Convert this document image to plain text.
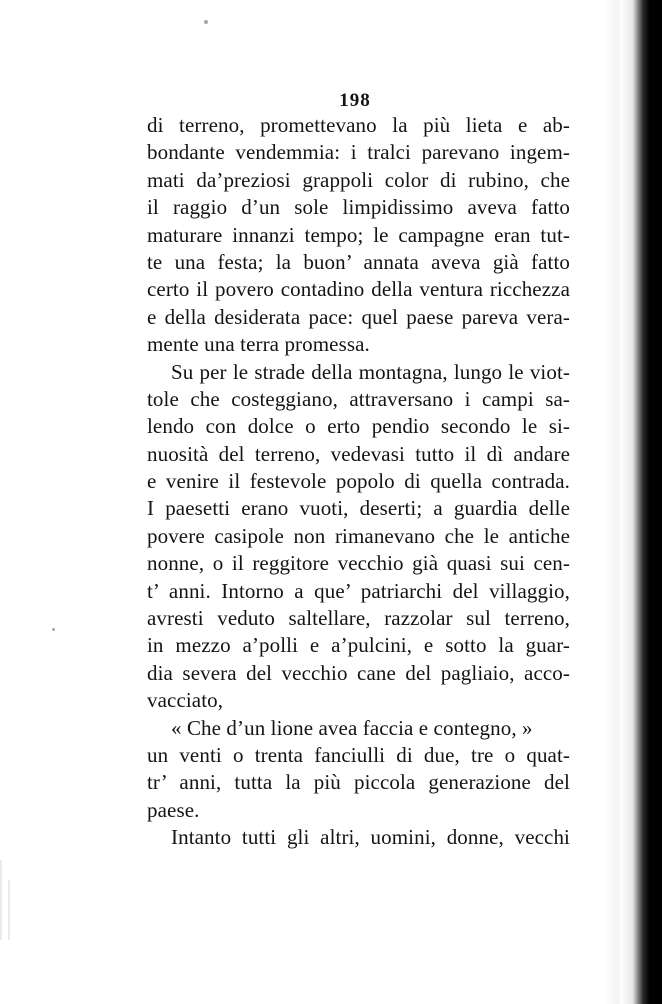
198
di terreno, promettevano la più lieta e ab-
bondante vendemmia: i tralci parevano ingem-
mati da’preziosi grappoli color di rubino, che
il raggio d’un sole limpidissimo aveva fatto
maturare innanzi tempo; le campagne eran tut-
te una festa; la buon’ annata aveva già fatto
certo il povero contadino della ventura ricchezza
e della desiderata pace: quel paese pareva vera-
mente una terra promessa.
Su per le strade della montagna, lungo le viot-
tole che costeggiano, attraversano i campi sa-
lendo con dolce o erto pendio secondo le si-
nuosità del terreno, vedevasi tutto il dì andare
e venire il festevole popolo di quella contrada.
I paesetti erano vuoti, deserti; a guardia delle
povere casipole non rimanevano che le antiche
nonne, o il reggitore vecchio già quasi sui cen-
t’ anni. Intorno a que’ patriarchi del villaggio,
avresti veduto saltellare, razzolar sul terreno,
in mezzo a’polli e a’pulcini, e sotto la guar-
dia severa del vecchio cane del pagliaio, acco-
vacciato,
« Che d’un lione avea faccia e contegno, »
un venti o trenta fanciulli di due, tre o quat-
tr’ anni, tutta la più piccola generazione del
paese.
Intanto tutti gli altri, uomini, donne, vecchi
